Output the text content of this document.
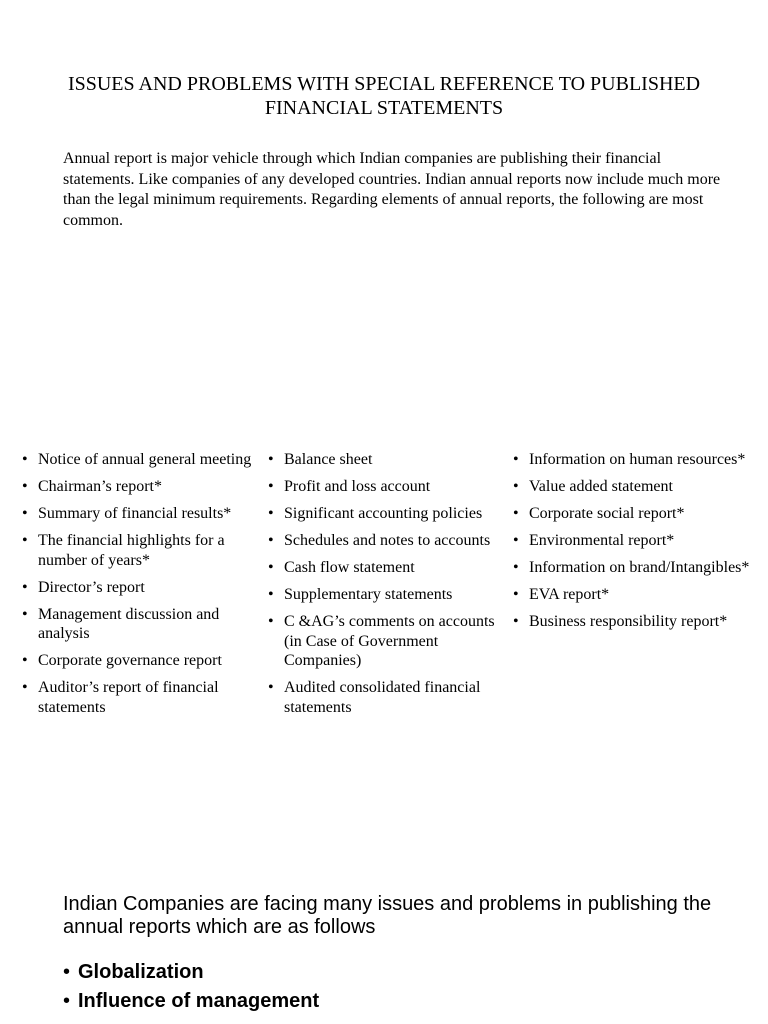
ISSUES AND PROBLEMS WITH SPECIAL REFERENCE TO PUBLISHED FINANCIAL STATEMENTS

Annual report is major vehicle through which Indian companies are publishing their financial statements. Like companies of any developed countries. Indian annual reports now include much more than the legal minimum requirements. Regarding elements of annual reports, the following are most common.

• Notice of annual general meeting
• Chairman’s report*
• Summary of financial results*
• The financial highlights for a number of years*
• Director’s report
• Management discussion and analysis
• Corporate governance report
• Auditor’s report of financial statements
• Balance sheet
• Profit and loss account
• Significant accounting policies
• Schedules and notes to accounts
• Cash flow statement
• Supplementary statements
• C &AG’s comments on accounts (in Case of Government Companies)
• Audited consolidated financial statements
• Information on human resources*
• Value added statement
• Corporate social report*
• Environmental report*
• Information on brand/Intangibles*
• EVA report*
• Business responsibility report*

Indian Companies are facing many issues and problems in publishing the annual reports which are as follows

• Globalization
• Influence of management
